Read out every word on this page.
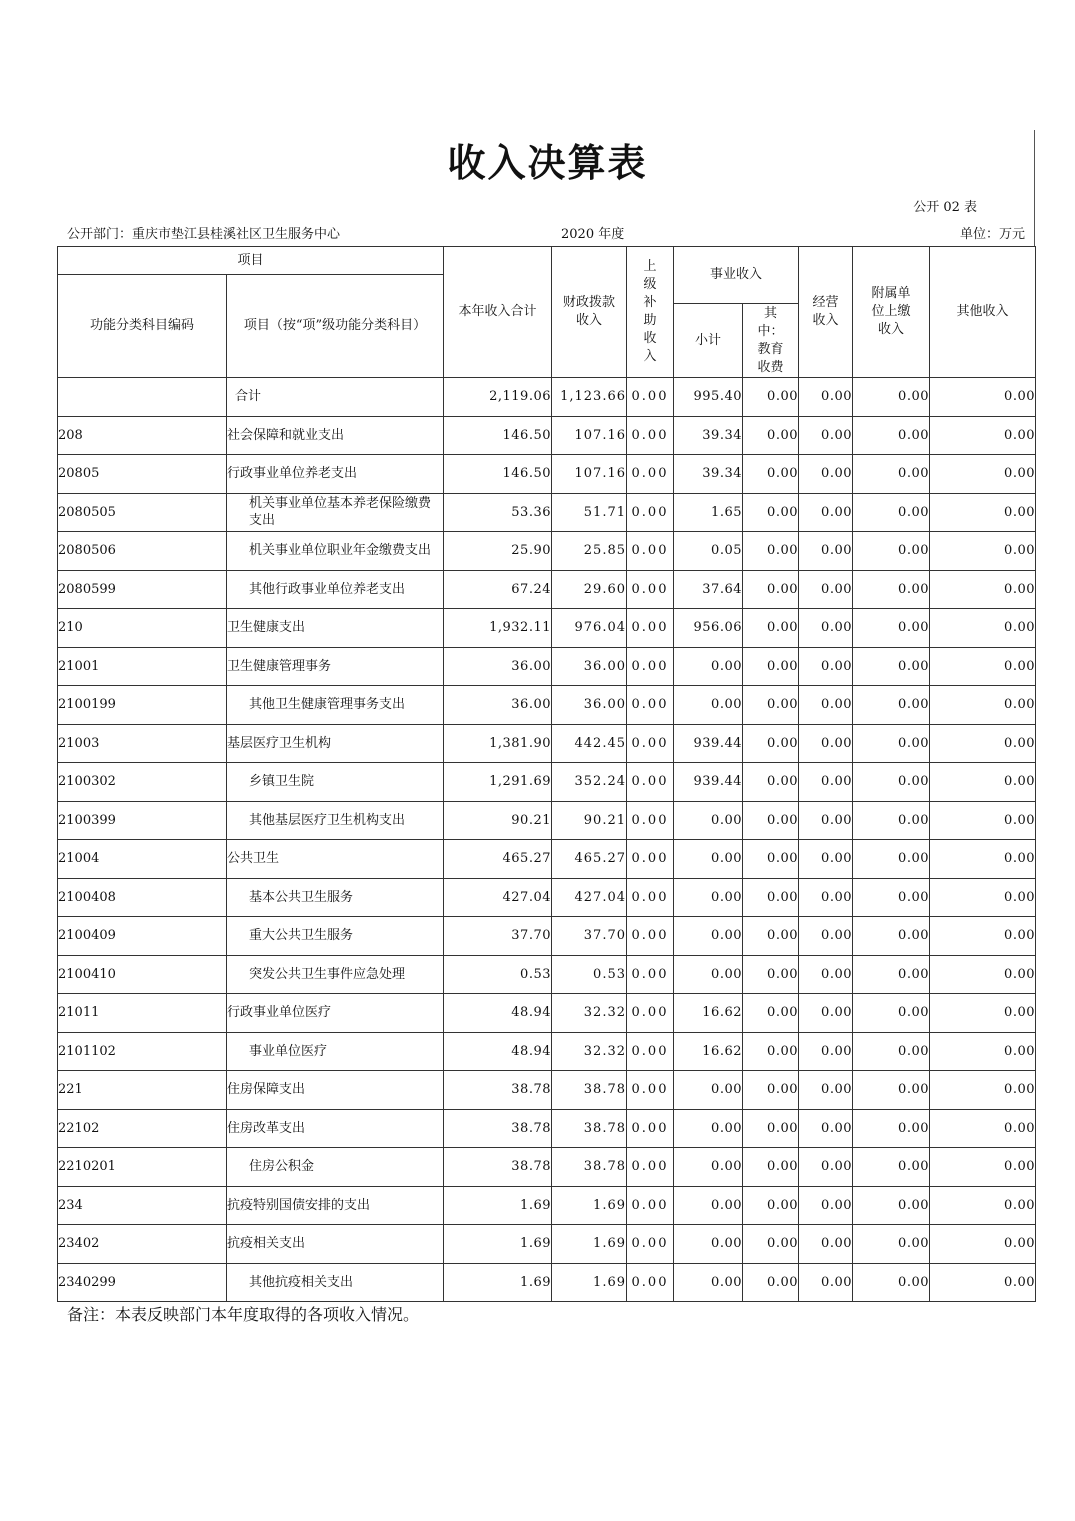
收入决算表
公开 02 表
公开部门：重庆市垫江县桂溪社区卫生服务中心	2020 年度	单位：万元
项目		本年收入合计	财政拨款收入	上级补助收入	事业收入		经营收入	附属单位上缴收入	其他收入
功能分类科目编码	项目（按“项”级功能分类科目）								
					小计	其中：教育收费			
	合计	2,119.06	1,123.66	0.00	995.40	0.00	0.00	0.00	0.00
208	社会保障和就业支出	146.50	107.16	0.00	39.34	0.00	0.00	0.00	0.00
20805	行政事业单位养老支出	146.50	107.16	0.00	39.34	0.00	0.00	0.00	0.00
2080505	机关事业单位基本养老保险缴费支出	53.36	51.71	0.00	1.65	0.00	0.00	0.00	0.00
2080506	机关事业单位职业年金缴费支出	25.90	25.85	0.00	0.05	0.00	0.00	0.00	0.00
2080599	其他行政事业单位养老支出	67.24	29.60	0.00	37.64	0.00	0.00	0.00	0.00
210	卫生健康支出	1,932.11	976.04	0.00	956.06	0.00	0.00	0.00	0.00
21001	卫生健康管理事务	36.00	36.00	0.00	0.00	0.00	0.00	0.00	0.00
2100199	其他卫生健康管理事务支出	36.00	36.00	0.00	0.00	0.00	0.00	0.00	0.00
21003	基层医疗卫生机构	1,381.90	442.45	0.00	939.44	0.00	0.00	0.00	0.00
2100302	乡镇卫生院	1,291.69	352.24	0.00	939.44	0.00	0.00	0.00	0.00
2100399	其他基层医疗卫生机构支出	90.21	90.21	0.00	0.00	0.00	0.00	0.00	0.00
21004	公共卫生	465.27	465.27	0.00	0.00	0.00	0.00	0.00	0.00
2100408	基本公共卫生服务	427.04	427.04	0.00	0.00	0.00	0.00	0.00	0.00
2100409	重大公共卫生服务	37.70	37.70	0.00	0.00	0.00	0.00	0.00	0.00
2100410	突发公共卫生事件应急处理	0.53	0.53	0.00	0.00	0.00	0.00	0.00	0.00
21011	行政事业单位医疗	48.94	32.32	0.00	16.62	0.00	0.00	0.00	0.00
2101102	事业单位医疗	48.94	32.32	0.00	16.62	0.00	0.00	0.00	0.00
221	住房保障支出	38.78	38.78	0.00	0.00	0.00	0.00	0.00	0.00
22102	住房改革支出	38.78	38.78	0.00	0.00	0.00	0.00	0.00	0.00
2210201	住房公积金	38.78	38.78	0.00	0.00	0.00	0.00	0.00	0.00
234	抗疫特别国债安排的支出	1.69	1.69	0.00	0.00	0.00	0.00	0.00	0.00
23402	抗疫相关支出	1.69	1.69	0.00	0.00	0.00	0.00	0.00	0.00
2340299	其他抗疫相关支出	1.69	1.69	0.00	0.00	0.00	0.00	0.00	0.00
备注：本表反映部门本年度取得的各项收入情况。
